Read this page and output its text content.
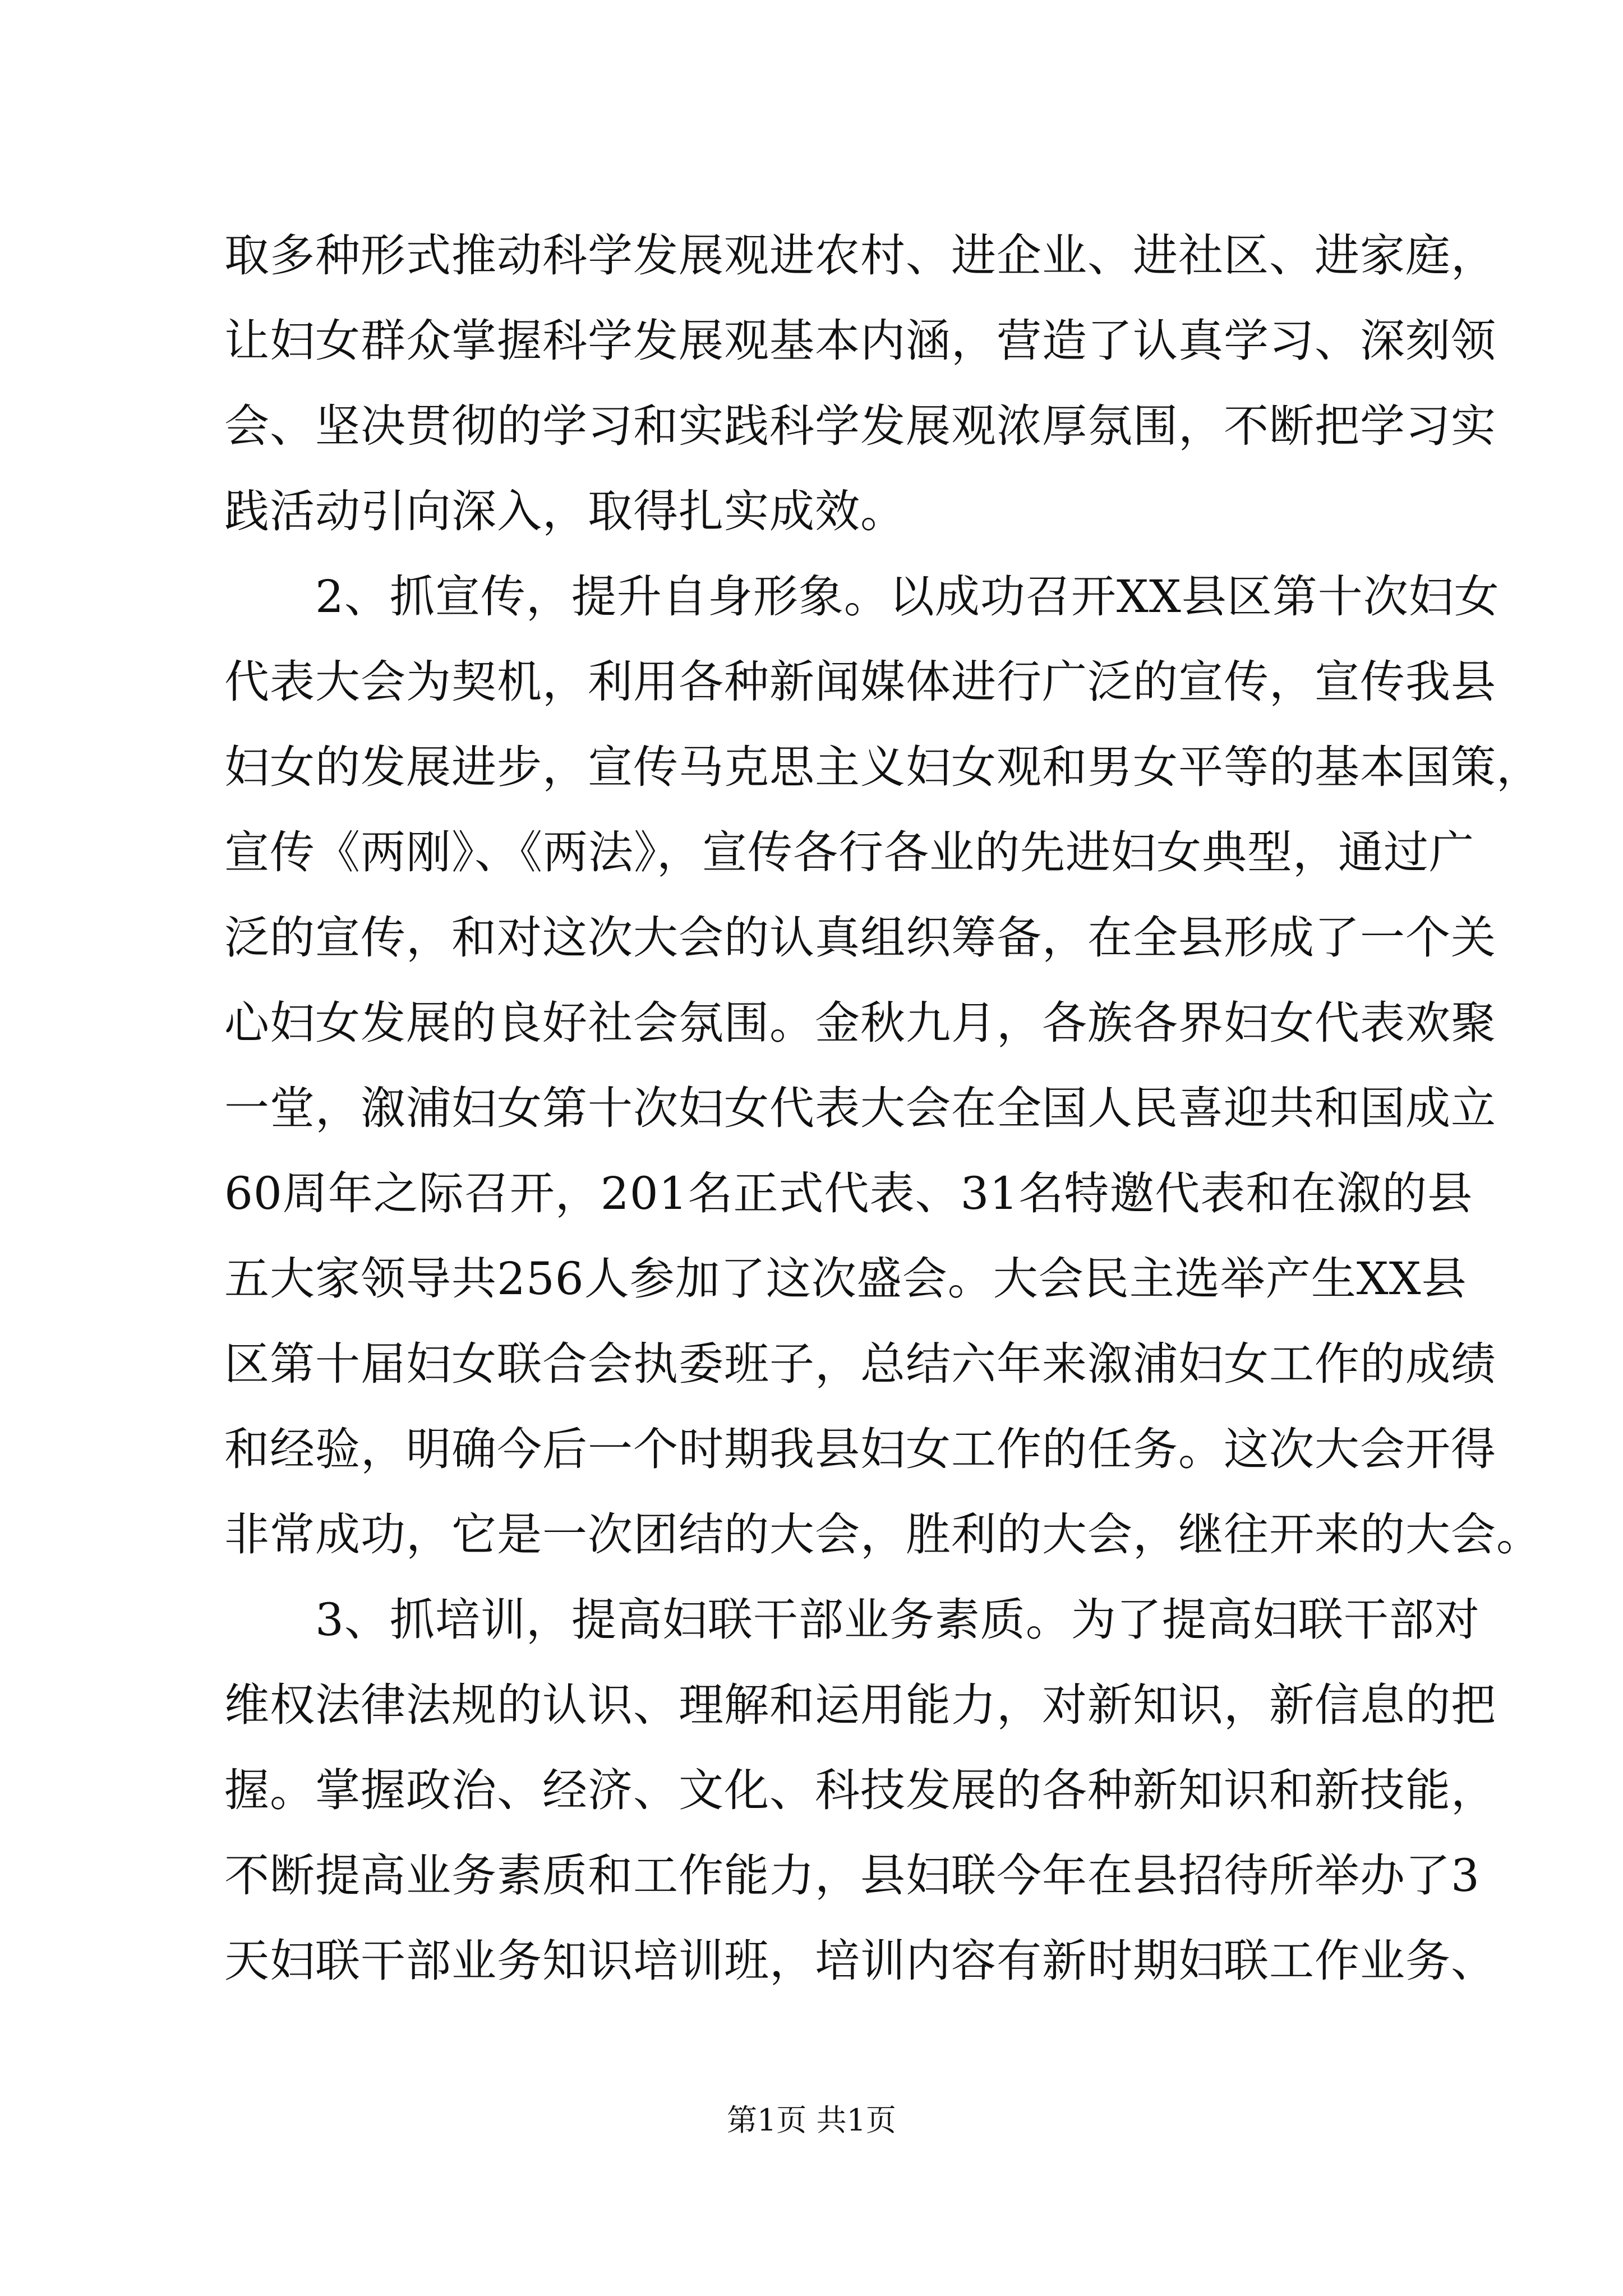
取多种形式推动科学发展观进农村、进企业、进社区、进家庭，
让妇女群众掌握科学发展观基本内涵，营造了认真学习、深刻领
会、坚决贯彻的学习和实践科学发展观浓厚氛围，不断把学习实
践活动引向深入，取得扎实成效。
　　2、抓宣传，提升自身形象。以成功召开XX县区第十次妇女
代表大会为契机，利用各种新闻媒体进行广泛的宣传，宣传我县
妇女的发展进步，宣传马克思主义妇女观和男女平等的基本国策，
宣传《两刚》、《两法》，宣传各行各业的先进妇女典型，通过广
泛的宣传，和对这次大会的认真组织筹备，在全县形成了一个关
心妇女发展的良好社会氛围。金秋九月，各族各界妇女代表欢聚
一堂，溆浦妇女第十次妇女代表大会在全国人民喜迎共和国成立
60周年之际召开，201名正式代表、31名特邀代表和在溆的县
五大家领导共256人参加了这次盛会。大会民主选举产生XX县
区第十届妇女联合会执委班子，总结六年来溆浦妇女工作的成绩
和经验，明确今后一个时期我县妇女工作的任务。这次大会开得
非常成功，它是一次团结的大会，胜利的大会，继往开来的大会。
　　3、抓培训，提高妇联干部业务素质。为了提高妇联干部对
维权法律法规的认识、理解和运用能力，对新知识，新信息的把
握。掌握政治、经济、文化、科技发展的各种新知识和新技能，
不断提高业务素质和工作能力，县妇联今年在县招待所举办了3
天妇联干部业务知识培训班，培训内容有新时期妇联工作业务、
第1页 共1页
